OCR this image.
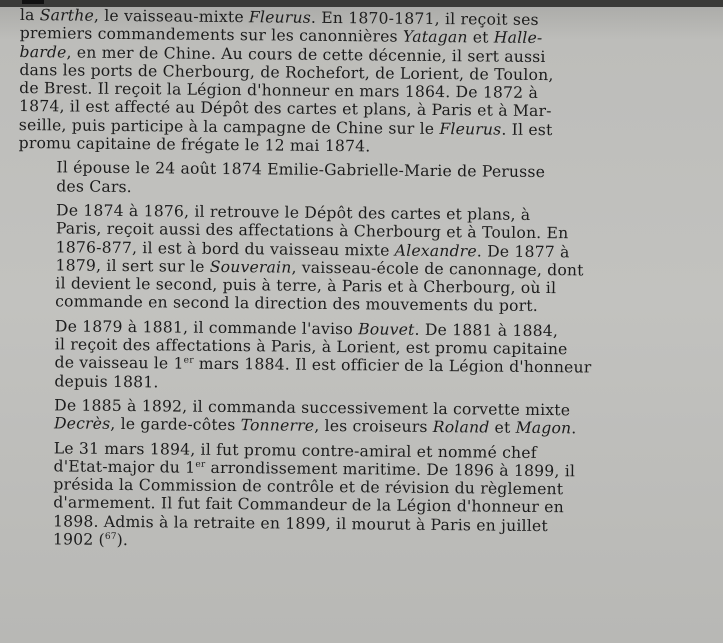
la Sarthe, le vaisseau-mixte Fleurus. En 1870-1871, il reçoit ses
premiers commandements sur les canonnières Yatagan et Halle-
barde, en mer de Chine. Au cours de cette décennie, il sert aussi
dans les ports de Cherbourg, de Rochefort, de Lorient, de Toulon,
de Brest. Il reçoit la Légion d'honneur en mars 1864. De 1872 à
1874, il est affecté au Dépôt des cartes et plans, à Paris et à Mar-
seille, puis participe à la campagne de Chine sur le Fleurus. Il est
promu capitaine de frégate le 12 mai 1874.

Il épouse le 24 août 1874 Emilie-Gabrielle-Marie de Perusse
des Cars.

De 1874 à 1876, il retrouve le Dépôt des cartes et plans, à
Paris, reçoit aussi des affectations à Cherbourg et à Toulon. En
1876-877, il est à bord du vaisseau mixte Alexandre. De 1877 à
1879, il sert sur le Souverain, vaisseau-école de canonnage, dont
il devient le second, puis à terre, à Paris et à Cherbourg, où il
commande en second la direction des mouvements du port.

De 1879 à 1881, il commande l'aviso Bouvet. De 1881 à 1884,
il reçoit des affectations à Paris, à Lorient, est promu capitaine
de vaisseau le 1er mars 1884. Il est officier de la Légion d'honneur
depuis 1881.

De 1885 à 1892, il commanda successivement la corvette mixte
Decrès, le garde-côtes Tonnerre, les croiseurs Roland et Magon.

Le 31 mars 1894, il fut promu contre-amiral et nommé chef
d'Etat-major du 1er arrondissement maritime. De 1896 à 1899, il
présida la Commission de contrôle et de révision du règlement
d'armement. Il fut fait Commandeur de la Légion d'honneur en
1898. Admis à la retraite en 1899, il mourut à Paris en juillet
1902 ($^{67}$).
